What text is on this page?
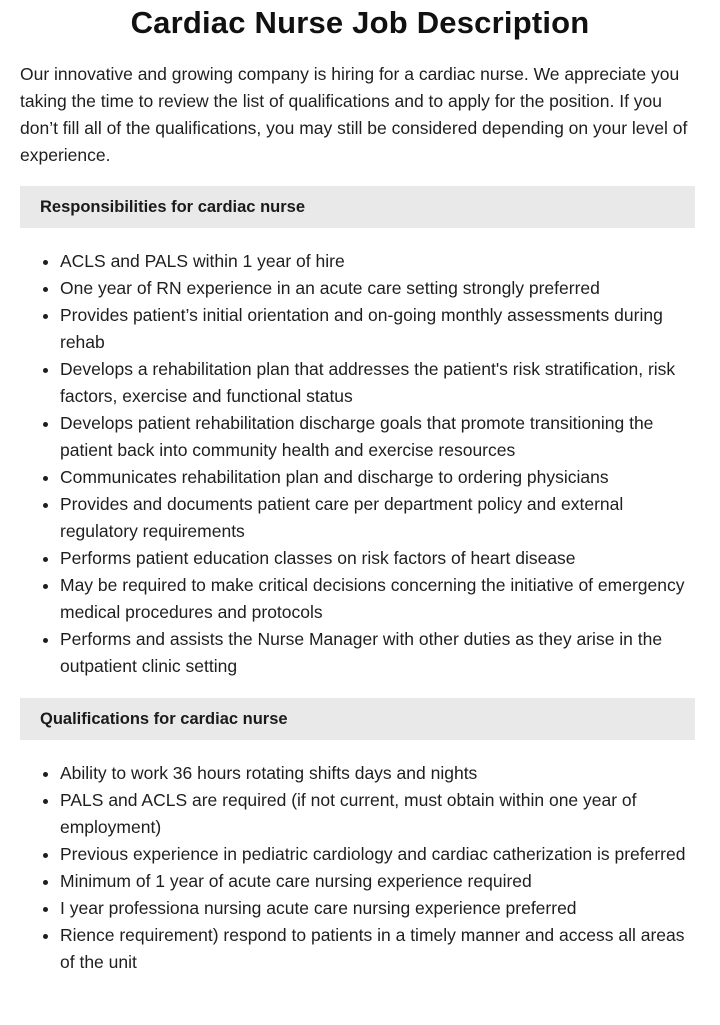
Cardiac Nurse Job Description

Our innovative and growing company is hiring for a cardiac nurse. We appreciate you taking the time to review the list of qualifications and to apply for the position. If you don’t fill all of the qualifications, you may still be considered depending on your level of experience.

Responsibilities for cardiac nurse
• ACLS and PALS within 1 year of hire
• One year of RN experience in an acute care setting strongly preferred
• Provides patient’s initial orientation and on-going monthly assessments during rehab
• Develops a rehabilitation plan that addresses the patient's risk stratification, risk factors, exercise and functional status
• Develops patient rehabilitation discharge goals that promote transitioning the patient back into community health and exercise resources
• Communicates rehabilitation plan and discharge to ordering physicians
• Provides and documents patient care per department policy and external regulatory requirements
• Performs patient education classes on risk factors of heart disease
• May be required to make critical decisions concerning the initiative of emergency medical procedures and protocols
• Performs and assists the Nurse Manager with other duties as they arise in the outpatient clinic setting
Qualifications for cardiac nurse
• Ability to work 36 hours rotating shifts days and nights
• PALS and ACLS are required (if not current, must obtain within one year of employment)
• Previous experience in pediatric cardiology and cardiac catherization is preferred
• Minimum of 1 year of acute care nursing experience required
• I year professiona nursing acute care nursing experience preferred
• Rience requirement) respond to patients in a timely manner and access all areas of the unit
